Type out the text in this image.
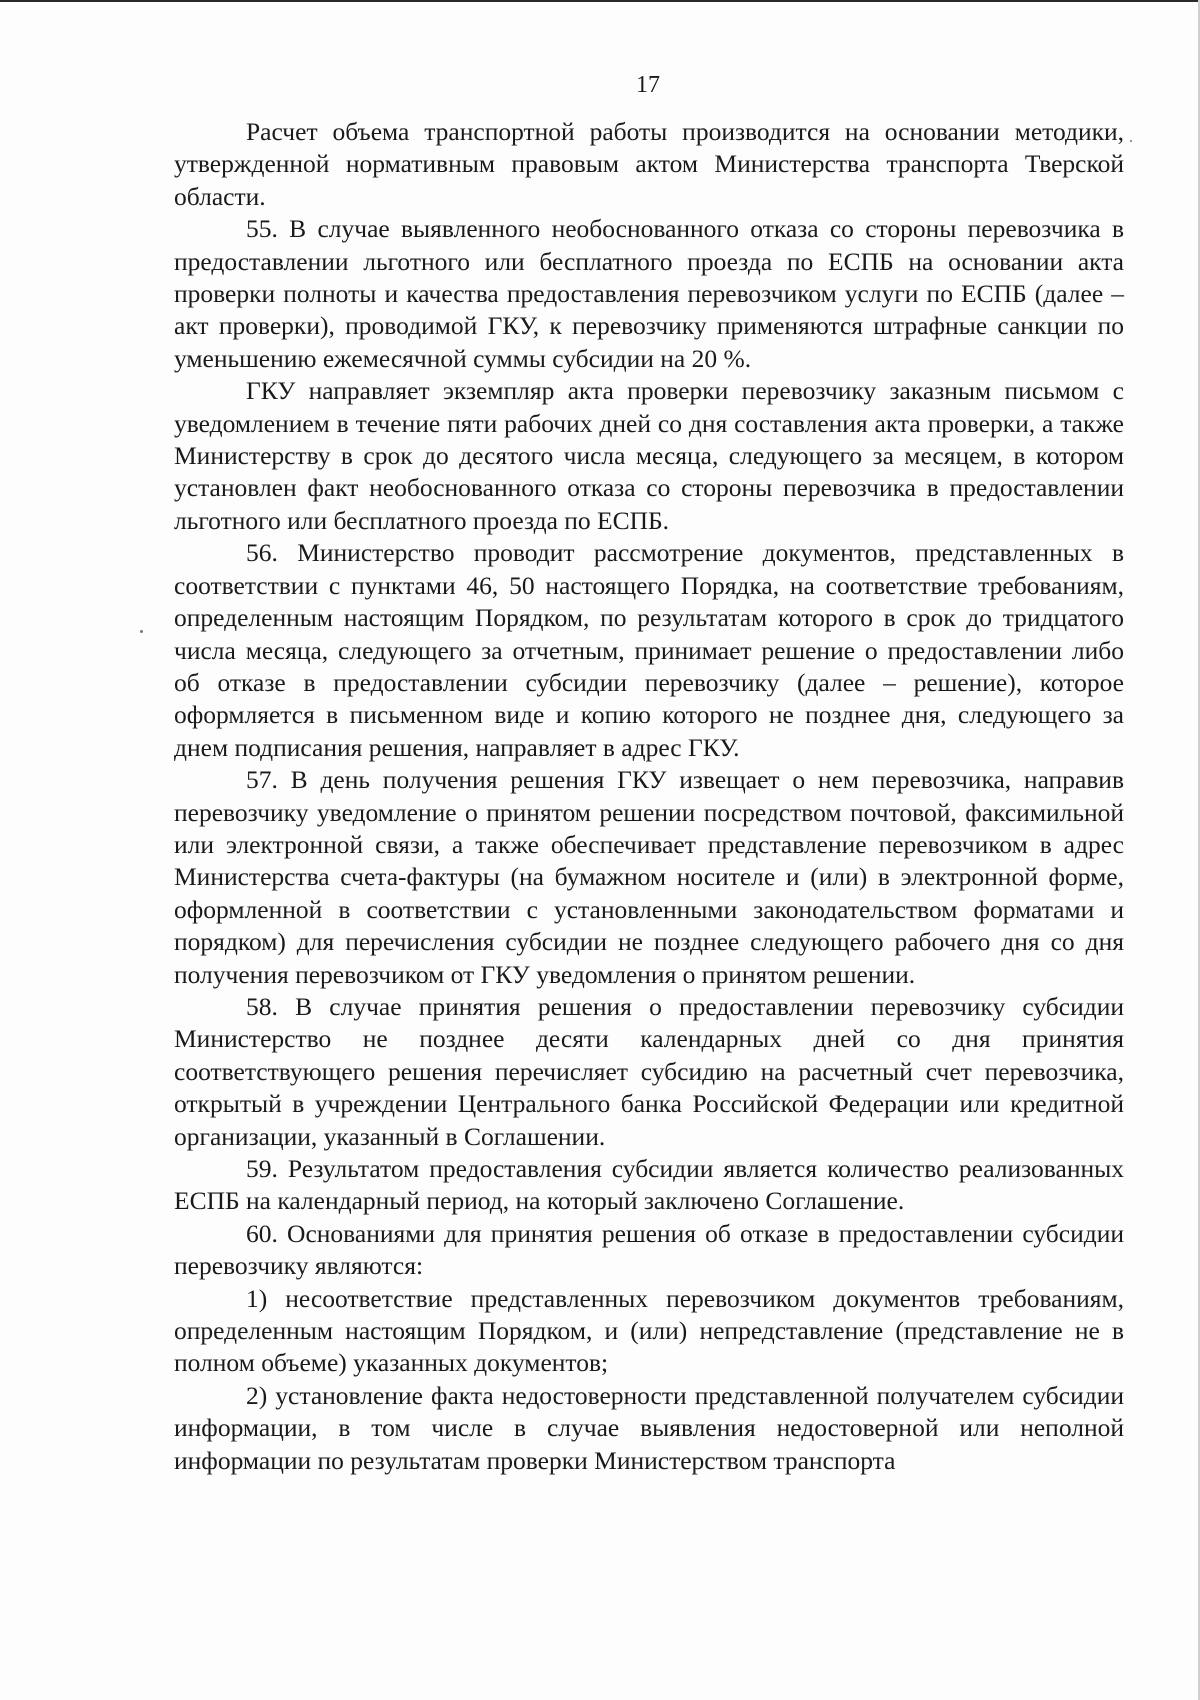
17

Расчет объема транспортной работы производится на основании методики, утвержденной нормативным правовым актом Министерства транспорта Тверской области.

55. В случае выявленного необоснованного отказа со стороны перевозчика в предоставлении льготного или бесплатного проезда по ЕСПБ на основании акта проверки полноты и качества предоставления перевозчиком услуги по ЕСПБ (далее – акт проверки), проводимой ГКУ, к перевозчику применяются штрафные санкции по уменьшению ежемесячной суммы субсидии на 20 %.

ГКУ направляет экземпляр акта проверки перевозчику заказным письмом с уведомлением в течение пяти рабочих дней со дня составления акта проверки, а также Министерству в срок до десятого числа месяца, следующего за месяцем, в котором установлен факт необоснованного отказа со стороны перевозчика в предоставлении льготного или бесплатного проезда по ЕСПБ.

56. Министерство проводит рассмотрение документов, представленных в соответствии с пунктами 46, 50 настоящего Порядка, на соответствие требованиям, определенным настоящим Порядком, по результатам которого в срок до тридцатого числа месяца, следующего за отчетным, принимает решение о предоставлении либо об отказе в предоставлении субсидии перевозчику (далее – решение), которое оформляется в письменном виде и копию которого не позднее дня, следующего за днем подписания решения, направляет в адрес ГКУ.

57. В день получения решения ГКУ извещает о нем перевозчика, направив перевозчику уведомление о принятом решении посредством почтовой, факсимильной или электронной связи, а также обеспечивает представление перевозчиком в адрес Министерства счета-фактуры (на бумажном носителе и (или) в электронной форме, оформленной в соответствии с установленными законодательством форматами и порядком) для перечисления субсидии не позднее следующего рабочего дня со дня получения перевозчиком от ГКУ уведомления о принятом решении.

58. В случае принятия решения о предоставлении перевозчику субсидии Министерство не позднее десяти календарных дней со дня принятия соответствующего решения перечисляет субсидию на расчетный счет перевозчика, открытый в учреждении Центрального банка Российской Федерации или кредитной организации, указанный в Соглашении.

59. Результатом предоставления субсидии является количество реализованных ЕСПБ на календарный период, на который заключено Соглашение.

60. Основаниями для принятия решения об отказе в предоставлении субсидии перевозчику являются:

1) несоответствие представленных перевозчиком документов требованиям, определенным настоящим Порядком, и (или) непредставление (представление не в полном объеме) указанных документов;

2) установление факта недостоверности представленной получателем субсидии информации, в том числе в случае выявления недостоверной или неполной информации по результатам проверки Министерством транспорта
